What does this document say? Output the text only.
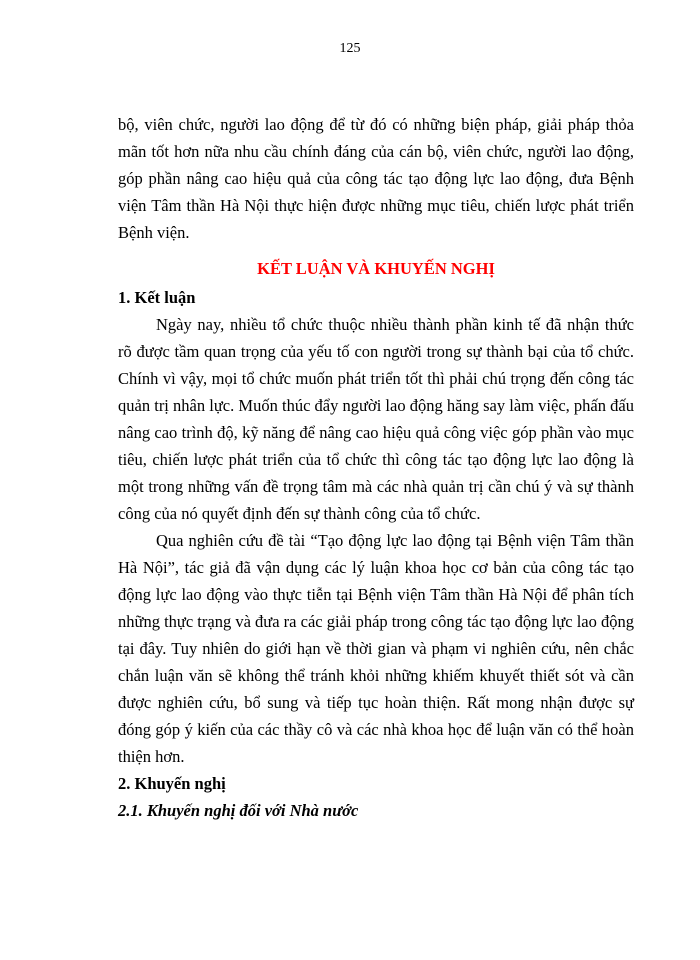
125

bộ, viên chức, người lao động để từ đó có những biện pháp, giải pháp thỏa
mãn tốt hơn nữa nhu cầu chính đáng của cán bộ, viên chức, người lao động,
góp phần nâng cao hiệu quả của công tác tạo động lực lao động, đưa Bệnh
viện Tâm thần Hà Nội thực hiện được những mục tiêu, chiến lược phát triển
Bệnh viện.

KẾT LUẬN VÀ KHUYẾN NGHỊ
1. Kết luận

Ngày nay, nhiều tổ chức thuộc nhiều thành phần kinh tế đã nhận thức
rõ được tầm quan trọng của yếu tố con người trong sự thành bại của tổ chức.
Chính vì vậy, mọi tổ chức muốn phát triển tốt thì phải chú trọng đến công tác
quản trị nhân lực. Muốn thúc đẩy người lao động hăng say làm việc, phấn đấu
nâng cao trình độ, kỹ năng để nâng cao hiệu quả công việc góp phần vào mục
tiêu, chiến lược phát triển của tổ chức thì công tác tạo động lực lao động là
một trong những vấn đề trọng tâm mà các nhà quản trị cần chú ý và sự thành
công của nó quyết định đến sự thành công của tổ chức.

Qua nghiên cứu đề tài “Tạo động lực lao động tại Bệnh viện Tâm thần
Hà Nội”, tác giả đã vận dụng các lý luận khoa học cơ bản của công tác tạo
động lực lao động vào thực tiễn tại Bệnh viện Tâm thần Hà Nội để phân tích
những thực trạng và đưa ra các giải pháp trong công tác tạo động lực lao động
tại đây. Tuy nhiên do giới hạn về thời gian và phạm vi nghiên cứu, nên chắc
chắn luận văn sẽ không thể tránh khỏi những khiếm khuyết thiết sót và cần
được nghiên cứu, bổ sung và tiếp tục hoàn thiện. Rất mong nhận được sự
đóng góp ý kiến của các thầy cô và các nhà khoa học để luận văn có thể hoàn
thiện hơn.

2. Khuyến nghị
2.1. Khuyến nghị đối với Nhà nước
